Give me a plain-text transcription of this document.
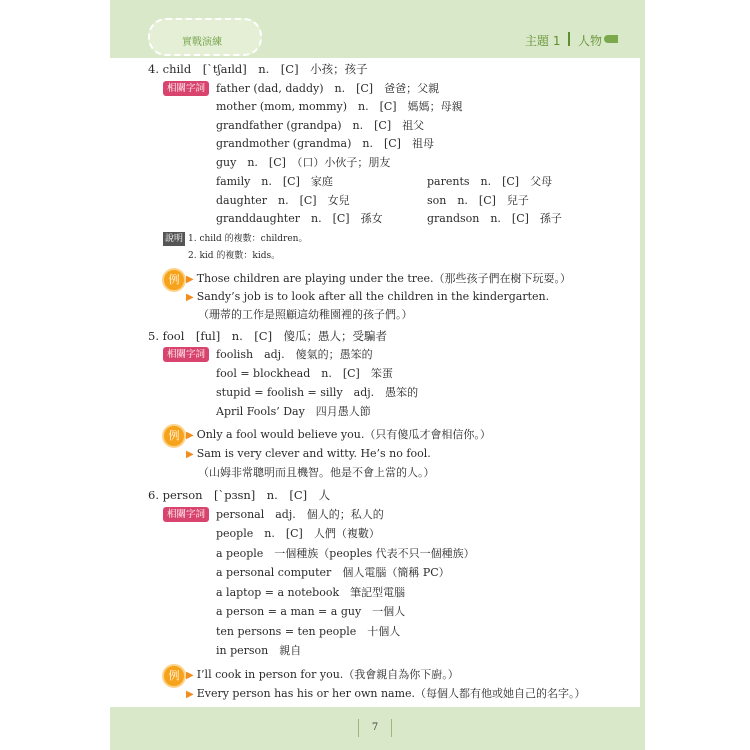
實戰演練	主題 1 人物
4. child　[ˋtʃaɪld]　n.　[C]　小孩；孩子
相關字詞 father (dad, daddy)　n.　[C]　爸爸；父親
mother (mom, mommy)　n.　[C]　媽媽；母親
grandfather (grandpa)　n.　[C]　祖父
grandmother (grandma)　n.　[C]　祖母
guy　n.　[C]　（口）小伙子；朋友
family　n.　[C]　家庭	parents　n.　[C]　父母
daughter　n.　[C]　女兒	son　n.　[C]　兒子
granddaughter　n.　[C]　孫女	grandson　n.　[C]　孫子
說明 1. child 的複數：children。
2. kid 的複數：kids。
例 ▶ Those children are playing under the tree.（那些孩子們在樹下玩耍。）
▶ Sandy’s job is to look after all the children in the kindergarten.
（珊蒂的工作是照顧這幼稚園裡的孩子們。）
5. fool　[ful]　n.　[C]　傻瓜；愚人；受騙者
相關字詞 foolish　adj.　傻氣的；愚笨的
fool = blockhead　n.　[C]　笨蛋
stupid = foolish = silly　adj.　愚笨的
April Fools’ Day　四月愚人節
例 ▶ Only a fool would believe you.（只有傻瓜才會相信你。）
▶ Sam is very clever and witty. He’s no fool.
（山姆非常聰明而且機智。他是不會上當的人。）
6. person　[ˋpɜsn]　n.　[C]　人
相關字詞 personal　adj.　個人的；私人的
people　n.　[C]　人們（複數）
a people　一個種族（peoples 代表不只一個種族）
a personal computer　個人電腦（簡稱 PC）
a laptop = a notebook　筆記型電腦
a person = a man = a guy　一個人
ten persons = ten people　十個人
in person　親自
例 ▶ I’ll cook in person for you.（我會親自為你下廚。）
▶ Every person has his or her own name.（每個人都有他或她自己的名字。）
7
